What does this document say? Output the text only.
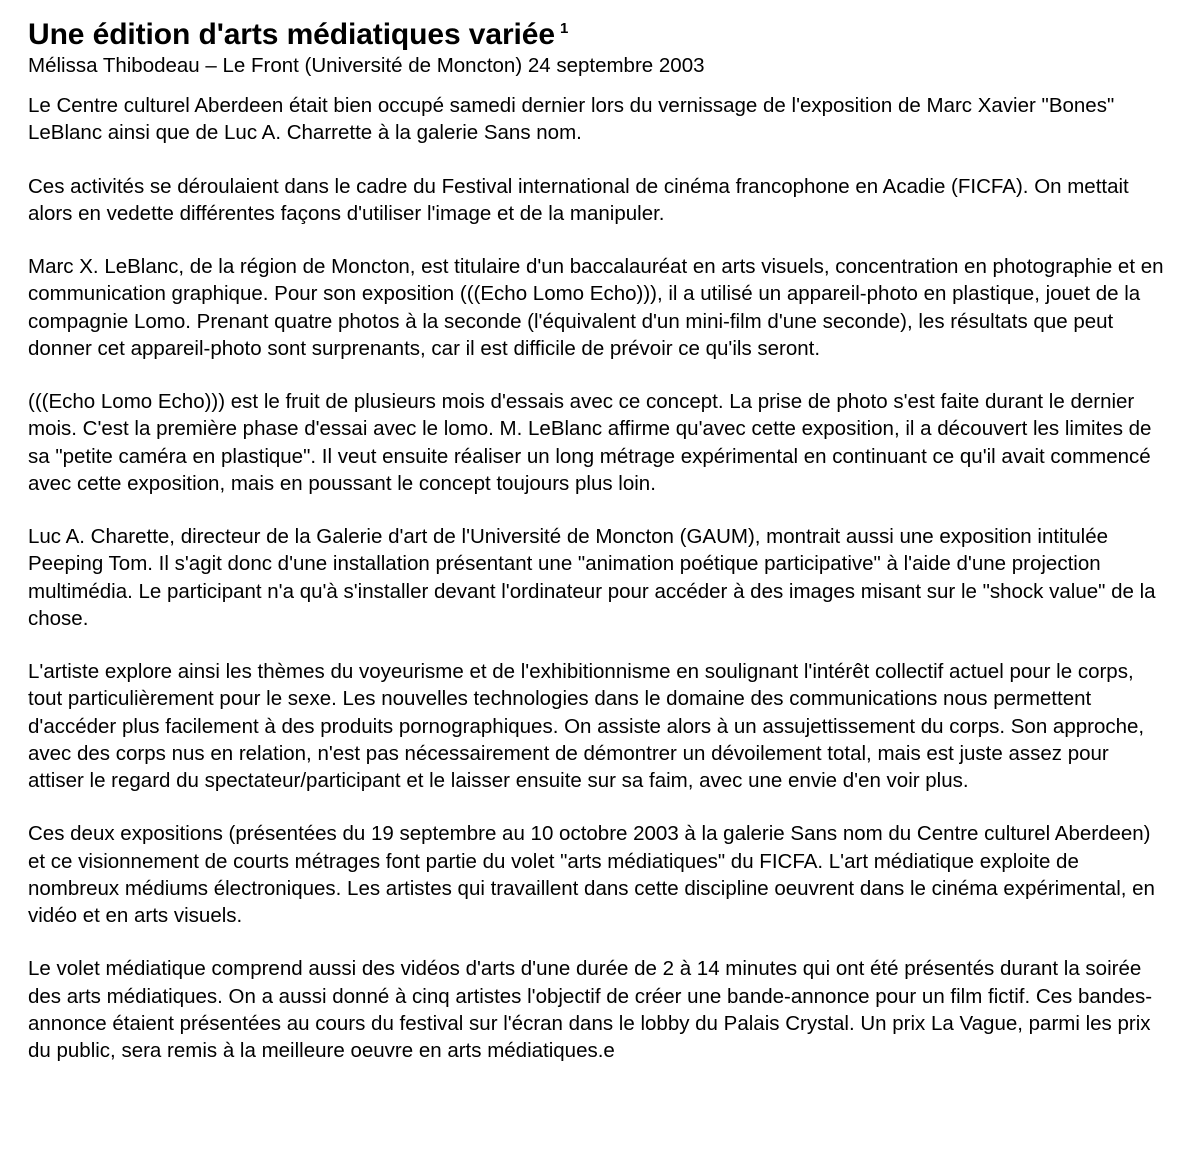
Une édition d'arts médiatiques variée $^1$
Mélissa Thibodeau – Le Front (Université de Moncton) 24 septembre 2003
Le Centre culturel Aberdeen était bien occupé samedi dernier lors du vernissage de l'exposition de Marc Xavier "Bones" LeBlanc ainsi que de Luc A. Charrette à la galerie Sans nom.
Ces activités se déroulaient dans le cadre du Festival international de cinéma francophone en Acadie (FICFA). On mettait alors en vedette différentes façons d'utiliser l'image et de la manipuler.
Marc X. LeBlanc, de la région de Moncton, est titulaire d'un baccalauréat en arts visuels, concentration en photographie et en communication graphique. Pour son exposition (((Echo Lomo Echo))), il a utilisé un appareil-photo en plastique, jouet de la compagnie Lomo. Prenant quatre photos à la seconde (l'équivalent d'un mini-film d'une seconde), les résultats que peut donner cet appareil-photo sont surprenants, car il est difficile de prévoir ce qu'ils seront.
(((Echo Lomo Echo))) est le fruit de plusieurs mois d'essais avec ce concept. La prise de photo s'est faite durant le dernier mois. C'est la première phase d'essai avec le lomo. M. LeBlanc affirme qu'avec cette exposition, il a découvert les limites de sa "petite caméra en plastique". Il veut ensuite réaliser un long métrage expérimental en continuant ce qu'il avait commencé avec cette exposition, mais en poussant le concept toujours plus loin.
Luc A. Charette, directeur de la Galerie d'art de l'Université de Moncton (GAUM), montrait aussi une exposition intitulée Peeping Tom. Il s'agit donc d'une installation présentant une "animation poétique participative" à l'aide d'une projection multimédia. Le participant n'a qu'à s'installer devant l'ordinateur pour accéder à des images misant sur le "shock value" de la chose.
L'artiste explore ainsi les thèmes du voyeurisme et de l'exhibitionnisme en soulignant l'intérêt collectif actuel pour le corps, tout particulièrement pour le sexe. Les nouvelles technologies dans le domaine des communications nous permettent d'accéder plus facilement à des produits pornographiques. On assiste alors à un assujettissement du corps. Son approche, avec des corps nus en relation, n'est pas nécessairement de démontrer un dévoilement total, mais est juste assez pour attiser le regard du spectateur/participant et le laisser ensuite sur sa faim, avec une envie d'en voir plus.
Ces deux expositions (présentées du 19 septembre au 10 octobre 2003 à la galerie Sans nom du Centre culturel Aberdeen) et ce visionnement de courts métrages font partie du volet "arts médiatiques" du FICFA. L'art médiatique exploite de nombreux médiums électroniques. Les artistes qui travaillent dans cette discipline oeuvrent dans le cinéma expérimental, en vidéo et en arts visuels.
Le volet médiatique comprend aussi des vidéos d'arts d'une durée de 2 à 14 minutes qui ont été présentés durant la soirée des arts médiatiques. On a aussi donné à cinq artistes l'objectif de créer une bande-annonce pour un film fictif. Ces bandes-annonce étaient présentées au cours du festival sur l'écran dans le lobby du Palais Crystal. Un prix La Vague, parmi les prix du public, sera remis à la meilleure oeuvre en arts médiatiques.e
